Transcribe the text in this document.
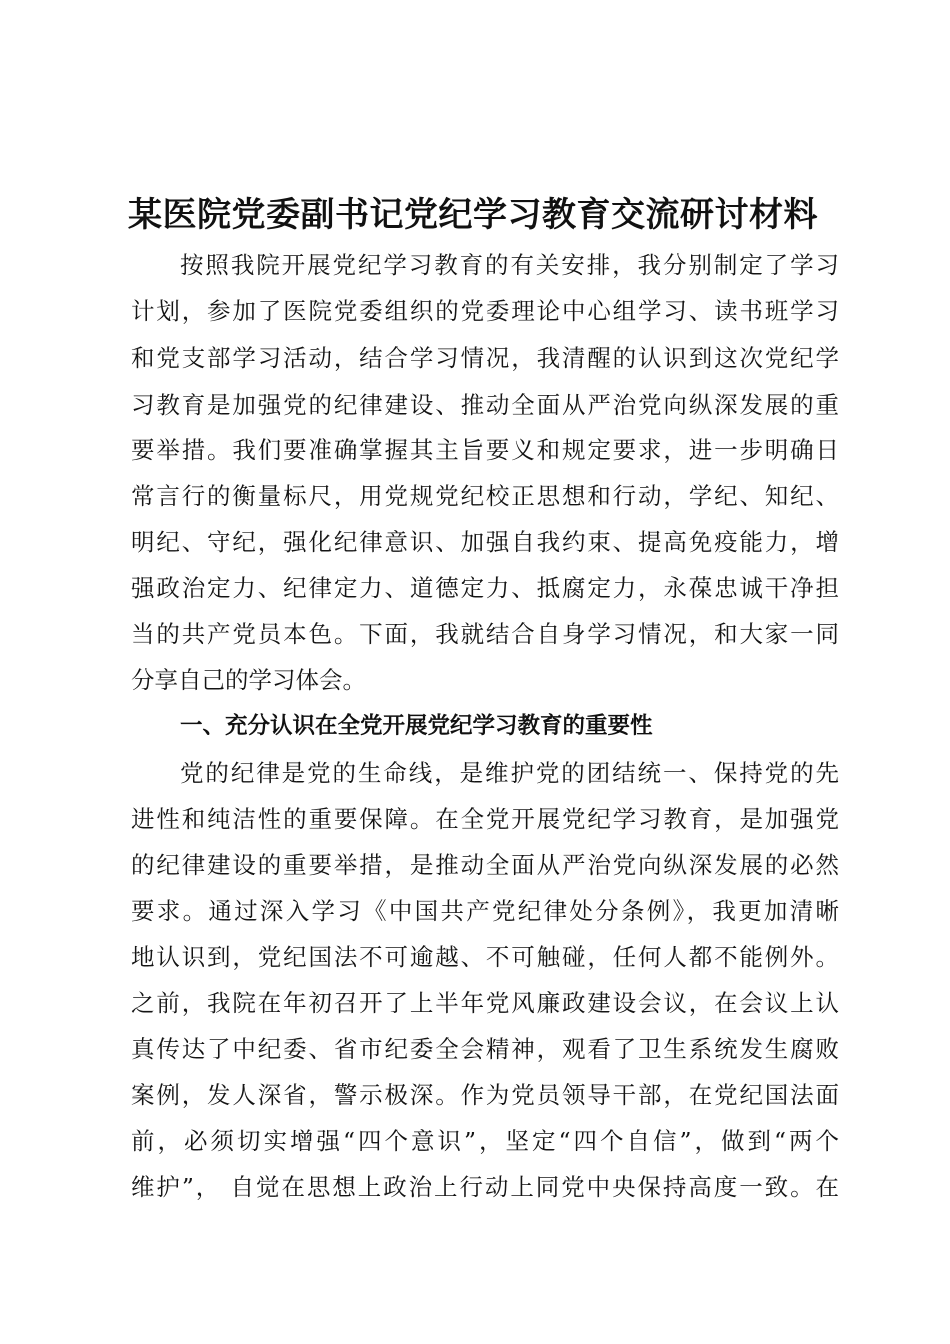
某医院党委副书记党纪学习教育交流研讨材料
按照我院开展党纪学习教育的有关安排，我分别制定了学习
计划，参加了医院党委组织的党委理论中心组学习、读书班学习
和党支部学习活动，结合学习情况，我清醒的认识到这次党纪学
习教育是加强党的纪律建设、推动全面从严治党向纵深发展的重
要举措。我们要准确掌握其主旨要义和规定要求，进一步明确日
常言行的衡量标尺，用党规党纪校正思想和行动，学纪、知纪、
明纪、守纪，强化纪律意识、加强自我约束、提高免疫能力，增
强政治定力、纪律定力、道德定力、抵腐定力，永葆忠诚干净担
当的共产党员本色。下面，我就结合自身学习情况，和大家一同
分享自己的学习体会。
一、充分认识在全党开展党纪学习教育的重要性
党的纪律是党的生命线，是维护党的团结统一、保持党的先
进性和纯洁性的重要保障。在全党开展党纪学习教育，是加强党
的纪律建设的重要举措，是推动全面从严治党向纵深发展的必然
要求。通过深入学习《中国共产党纪律处分条例》，我更加清晰
地认识到，党纪国法不可逾越、不可触碰，任何人都不能例外。
之前，我院在年初召开了上半年党风廉政建设会议，在会议上认
真传达了中纪委、省市纪委全会精神，观看了卫生系统发生腐败
案例，发人深省，警示极深。作为党员领导干部，在党纪国法面
前，必须切实增强“四个意识”，坚定“四个自信”，做到“两个
维护”， 自觉在思想上政治上行动上同党中央保持高度一致。在
